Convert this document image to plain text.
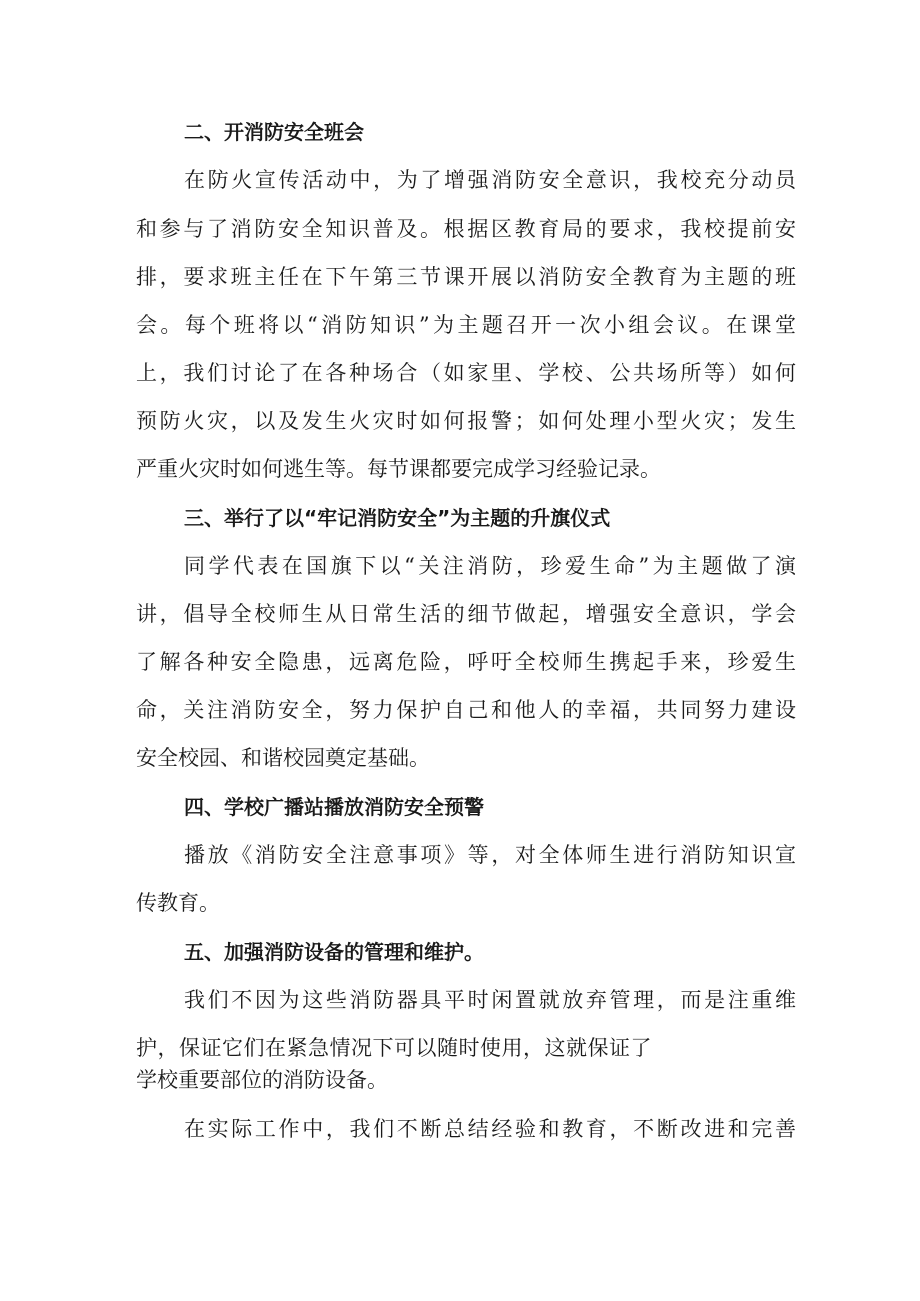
二、开消防安全班会

在防火宣传活动中，为了增强消防安全意识，我校充分动员

和参与了消防安全知识普及。根据区教育局的要求，我校提前安

排，要求班主任在下午第三节课开展以消防安全教育为主题的班

会。每个班将以“消防知识”为主题召开一次小组会议。在课堂

上，我们讨论了在各种场合（如家里、学校、公共场所等）如何

预防火灾，以及发生火灾时如何报警；如何处理小型火灾；发生

严重火灾时如何逃生等。每节课都要完成学习经验记录。

三、举行了以“牢记消防安全”为主题的升旗仪式

同学代表在国旗下以“关注消防，珍爱生命”为主题做了演

讲，倡导全校师生从日常生活的细节做起，增强安全意识，学会

了解各种安全隐患，远离危险，呼吁全校师生携起手来，珍爱生

命，关注消防安全，努力保护自己和他人的幸福，共同努力建设

安全校园、和谐校园奠定基础。

四、学校广播站播放消防安全预警

播放《消防安全注意事项》等，对全体师生进行消防知识宣

传教育。

五、加强消防设备的管理和维护。

我们不因为这些消防器具平时闲置就放弃管理，而是注重维

护，保证它们在紧急情况下可以随时使用，这就保证了

学校重要部位的消防设备。

在实际工作中，我们不断总结经验和教育，不断改进和完善
